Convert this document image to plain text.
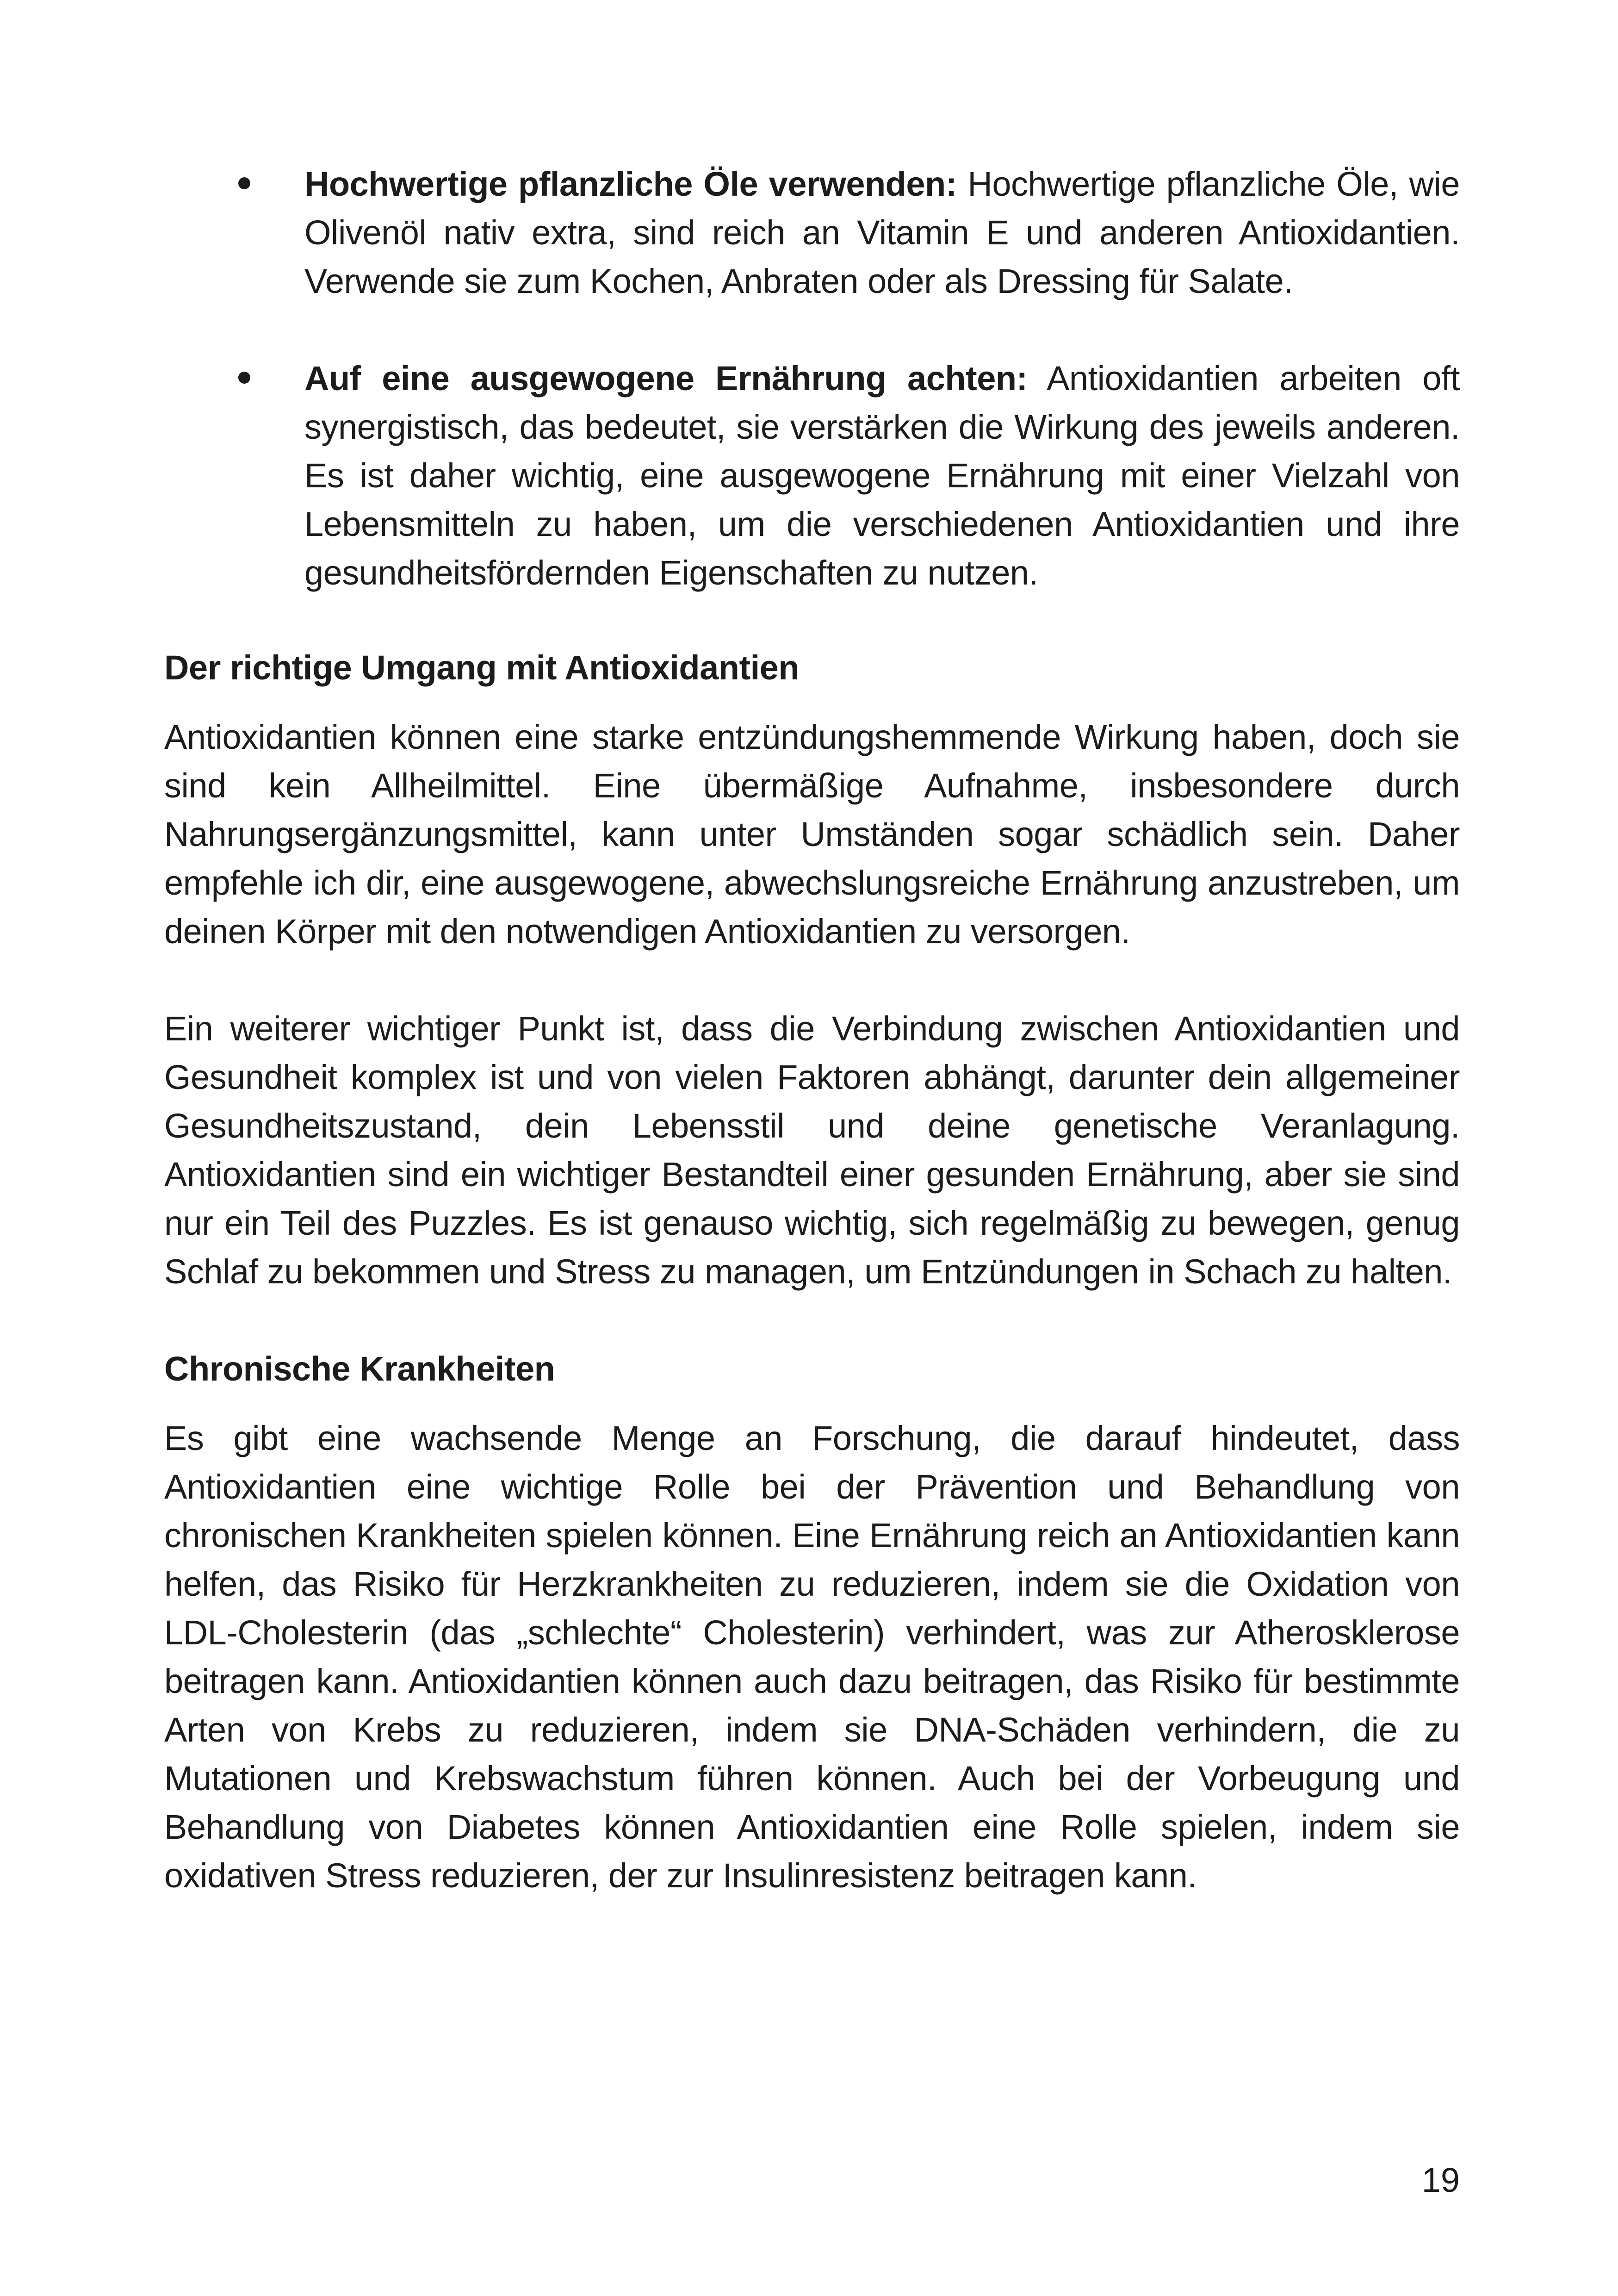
Hochwertige pflanzliche Öle verwenden: Hochwertige pflanzliche Öle, wie Olivenöl nativ extra, sind reich an Vitamin E und anderen Antioxidantien. Verwende sie zum Kochen, Anbraten oder als Dressing für Salate.
Auf eine ausgewogene Ernährung achten: Antioxidantien arbeiten oft synergistisch, das bedeutet, sie verstärken die Wirkung des jeweils anderen. Es ist daher wichtig, eine ausgewogene Ernährung mit einer Vielzahl von Lebensmitteln zu haben, um die verschiedenen Antioxidantien und ihre gesundheitsfördernden Eigenschaften zu nutzen.
Der richtige Umgang mit Antioxidantien

Antioxidantien können eine starke entzündungshemmende Wirkung haben, doch sie sind kein Allheilmittel. Eine übermäßige Aufnahme, insbesondere durch Nahrungsergänzungsmittel, kann unter Umständen sogar schädlich sein. Daher empfehle ich dir, eine ausgewogene, abwechslungsreiche Ernährung anzustreben, um deinen Körper mit den notwendigen Antioxidantien zu versorgen.

Ein weiterer wichtiger Punkt ist, dass die Verbindung zwischen Antioxidantien und Gesundheit komplex ist und von vielen Faktoren abhängt, darunter dein allgemeiner Gesundheitszustand, dein Lebensstil und deine genetische Veranlagung. Antioxidantien sind ein wichtiger Bestandteil einer gesunden Ernährung, aber sie sind nur ein Teil des Puzzles. Es ist genauso wichtig, sich regelmäßig zu bewegen, genug Schlaf zu bekommen und Stress zu managen, um Entzündungen in Schach zu halten.

Chronische Krankheiten

Es gibt eine wachsende Menge an Forschung, die darauf hindeutet, dass Antioxidantien eine wichtige Rolle bei der Prävention und Behandlung von chronischen Krankheiten spielen können. Eine Ernährung reich an Antioxidantien kann helfen, das Risiko für Herzkrankheiten zu reduzieren, indem sie die Oxidation von LDL-Cholesterin (das „schlechte“ Cholesterin) verhindert, was zur Atherosklerose beitragen kann. Antioxidantien können auch dazu beitragen, das Risiko für bestimmte Arten von Krebs zu reduzieren, indem sie DNA-Schäden verhindern, die zu Mutationen und Krebswachstum führen können. Auch bei der Vorbeugung und Behandlung von Diabetes können Antioxidantien eine Rolle spielen, indem sie oxidativen Stress reduzieren, der zur Insulinresistenz beitragen kann.

19
